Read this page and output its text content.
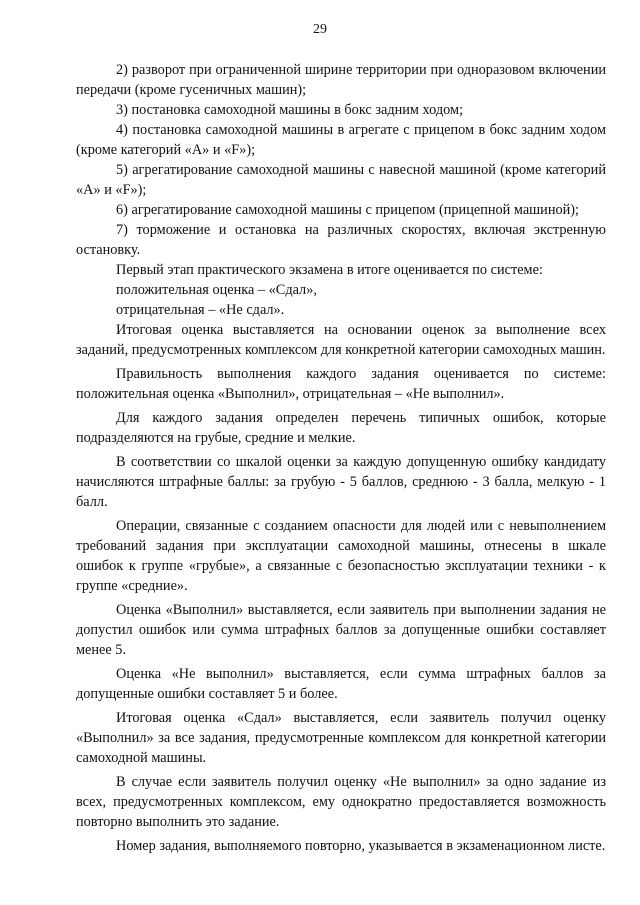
29

2) разворот при ограниченной ширине территории при одноразовом включении передачи (кроме гусеничных машин);

3) постановка самоходной машины в бокс задним ходом;

4) постановка самоходной машины в агрегате с прицепом в бокс задним ходом (кроме категорий «A» и «F»);

5) агрегатирование самоходной машины с навесной машиной (кроме категорий «A» и «F»);

6) агрегатирование самоходной машины с прицепом (прицепной машиной);

7) торможение и остановка на различных скоростях, включая экстренную остановку.

Первый этап практического экзамена в итоге оценивается по системе:

положительная оценка – «Сдал»,

отрицательная – «Не сдал».

Итоговая оценка выставляется на основании оценок за выполнение всех заданий, предусмотренных комплексом для конкретной категории самоходных машин.

Правильность выполнения каждого задания оценивается по системе: положительная оценка «Выполнил», отрицательная – «Не выполнил».

Для каждого задания определен перечень типичных ошибок, которые подразделяются на грубые, средние и мелкие.

В соответствии со шкалой оценки за каждую допущенную ошибку кандидату начисляются штрафные баллы: за грубую - 5 баллов, среднюю - 3 балла, мелкую - 1 балл.

Операции, связанные с созданием опасности для людей или с невыполнением требований задания при эксплуатации самоходной машины, отнесены в шкале ошибок к группе «грубые», а связанные с безопасностью эксплуатации техники - к группе «средние».

Оценка «Выполнил» выставляется, если заявитель при выполнении задания не допустил ошибок или сумма штрафных баллов за допущенные ошибки составляет менее 5.

Оценка «Не выполнил» выставляется, если сумма штрафных баллов за допущенные ошибки составляет 5 и более.

Итоговая оценка «Сдал» выставляется, если заявитель получил оценку «Выполнил» за все задания, предусмотренные комплексом для конкретной категории самоходной машины.

В случае если заявитель получил оценку «Не выполнил» за одно задание из всех, предусмотренных комплексом, ему однократно предоставляется возможность повторно выполнить это задание.

Номер задания, выполняемого повторно, указывается в экзаменационном листе.
